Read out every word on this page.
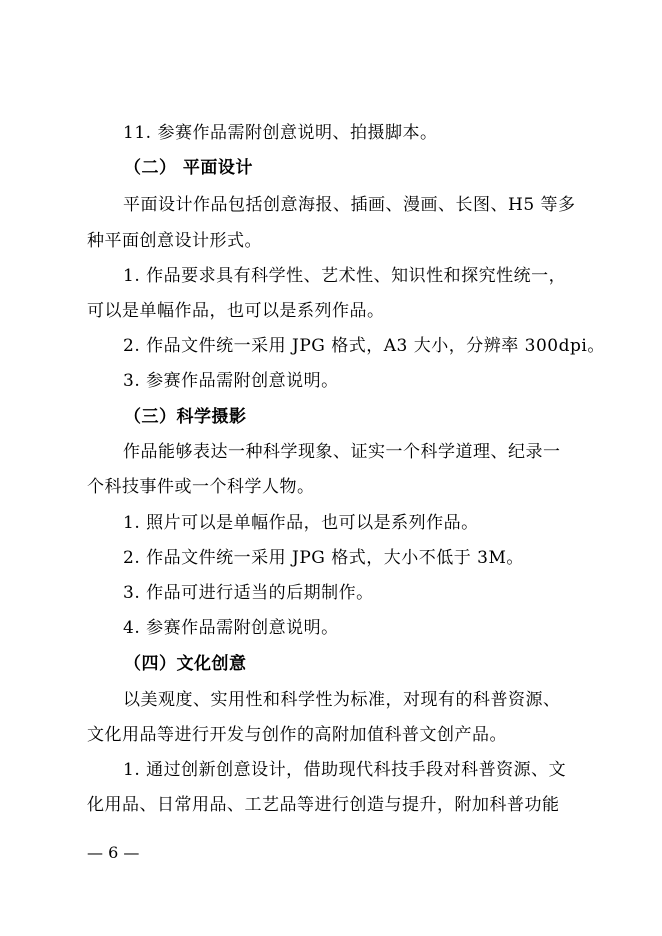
11. 参赛作品需附创意说明、拍摄脚本。
（二） 平面设计
平面设计作品包括创意海报、插画、漫画、长图、H5 等多
种平面创意设计形式。
1. 作品要求具有科学性、艺术性、知识性和探究性统一，
可以是单幅作品，也可以是系列作品。
2. 作品文件统一采用 JPG 格式，A3 大小，分辨率 300dpi。
3. 参赛作品需附创意说明。
（三）科学摄影
作品能够表达一种科学现象、证实一个科学道理、纪录一
个科技事件或一个科学人物。
1. 照片可以是单幅作品，也可以是系列作品。
2. 作品文件统一采用 JPG 格式，大小不低于 3M。
3. 作品可进行适当的后期制作。
4. 参赛作品需附创意说明。
（四）文化创意
以美观度、实用性和科学性为标准，对现有的科普资源、
文化用品等进行开发与创作的高附加值科普文创产品。
1. 通过创新创意设计，借助现代科技手段对科普资源、文
化用品、日常用品、工艺品等进行创造与提升，附加科普功能
— 6 —
